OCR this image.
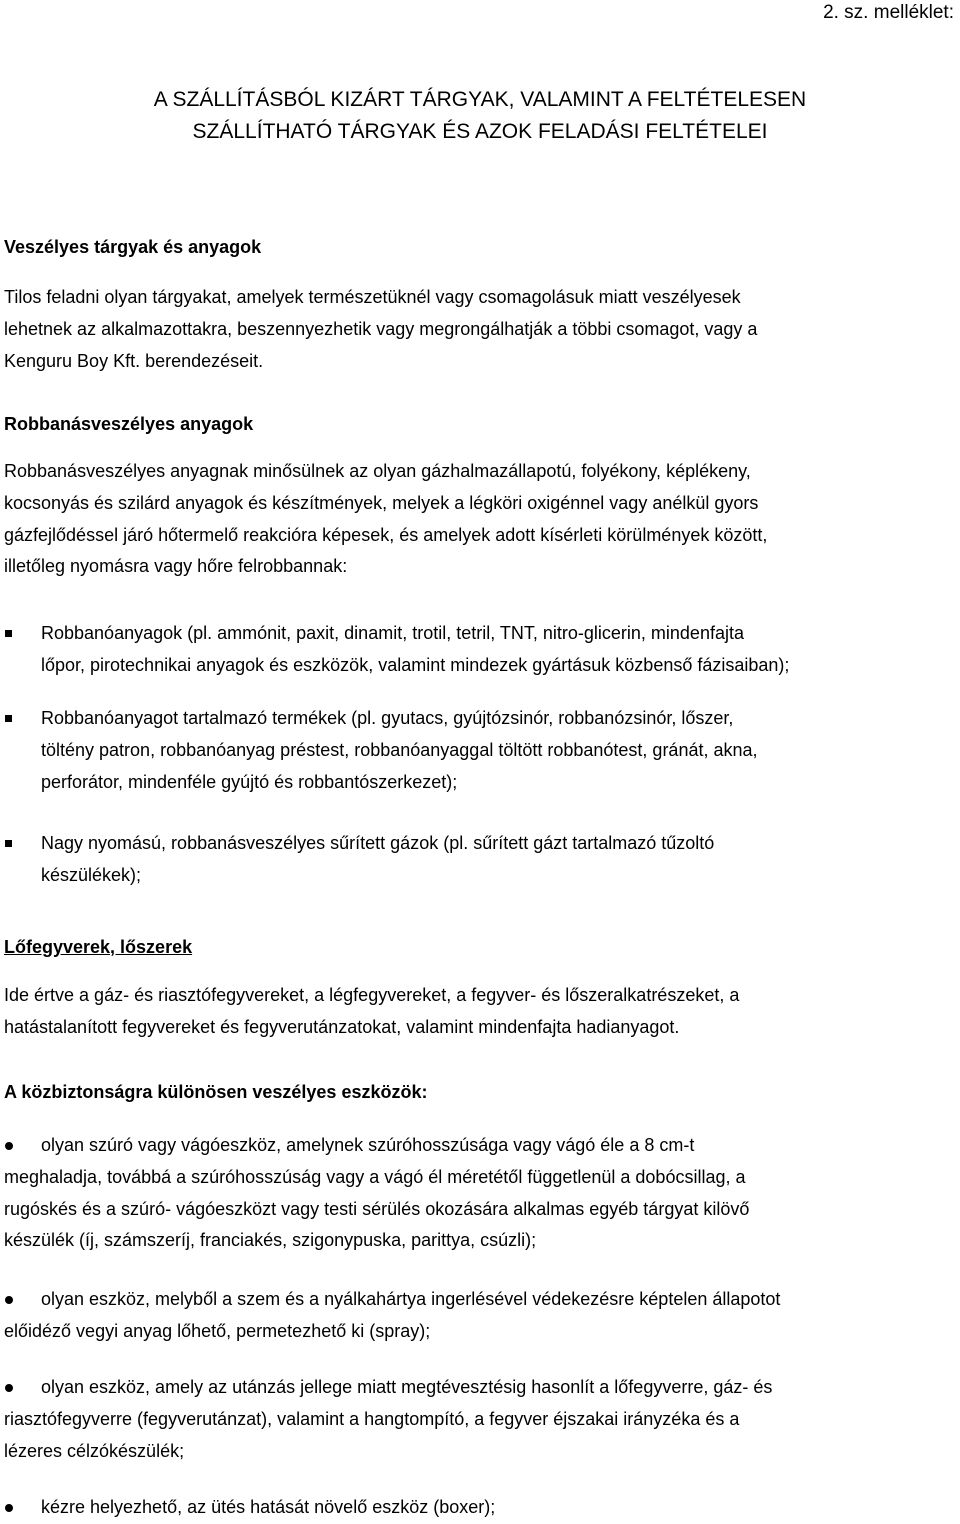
2. sz. melléklet:
A SZÁLLÍTÁSBÓL KIZÁRT TÁRGYAK, VALAMINT A FELTÉTELESEN
SZÁLLÍTHATÓ TÁRGYAK ÉS AZOK FELADÁSI FELTÉTELEI
Veszélyes tárgyak és anyagok
Tilos feladni olyan tárgyakat, amelyek természetüknél vagy csomagolásuk miatt veszélyesek
lehetnek az alkalmazottakra, beszennyezhetik vagy megrongálhatják a többi csomagot, vagy a
Kenguru Boy Kft. berendezéseit.
Robbanásveszélyes anyagok
Robbanásveszélyes anyagnak minősülnek az olyan gázhalmazállapotú, folyékony, képlékeny,
kocsonyás és szilárd anyagok és készítmények, melyek a légköri oxigénnel vagy anélkül gyors
gázfejlődéssel járó hőtermelő reakcióra képesek, és amelyek adott kísérleti körülmények között,
illetőleg nyomásra vagy hőre felrobbannak:
Robbanóanyagok (pl. ammónit, paxit, dinamit, trotil, tetril, TNT, nitro-glicerin, mindenfajta
lőpor, pirotechnikai anyagok és eszközök, valamint mindezek gyártásuk közbenső fázisaiban);
Robbanóanyagot tartalmazó termékek (pl. gyutacs, gyújtózsinór, robbanózsinór, lőszer,
töltény patron, robbanóanyag préstest, robbanóanyaggal töltött robbanótest, gránát, akna,
perforátor, mindenféle gyújtó és robbantószerkezet);
Nagy nyomású, robbanásveszélyes sűrített gázok (pl. sűrített gázt tartalmazó tűzoltó
készülékek);
Lőfegyverek, lőszerek
Ide értve a gáz- és riasztófegyvereket, a légfegyvereket, a fegyver- és lőszeralkatrészeket, a
hatástalanított fegyvereket és fegyverutánzatokat, valamint mindenfajta hadianyagot.
A közbiztonságra különösen veszélyes eszközök:
olyan szúró vagy vágóeszköz, amelynek szúróhosszúsága vagy vágó éle a 8 cm-t
meghaladja, továbbá a szúróhosszúság vagy a vágó él méretétől függetlenül a dobócsillag, a
rugóskés és a szúró- vágóeszközt vagy testi sérülés okozására alkalmas egyéb tárgyat kilövő
készülék (íj, számszeríj, franciakés, szigonypuska, parittya, csúzli);
olyan eszköz, melyből a szem és a nyálkahártya ingerlésével védekezésre képtelen állapotot
előidéző vegyi anyag lőhető, permetezhető ki (spray);
olyan eszköz, amely az utánzás jellege miatt megtévesztésig hasonlít a lőfegyverre, gáz- és
riasztófegyverre (fegyverutánzat), valamint a hangtompító, a fegyver éjszakai irányzéka és a
lézeres célzókészülék;
kézre helyezhető, az ütés hatását növelő eszköz (boxer);
